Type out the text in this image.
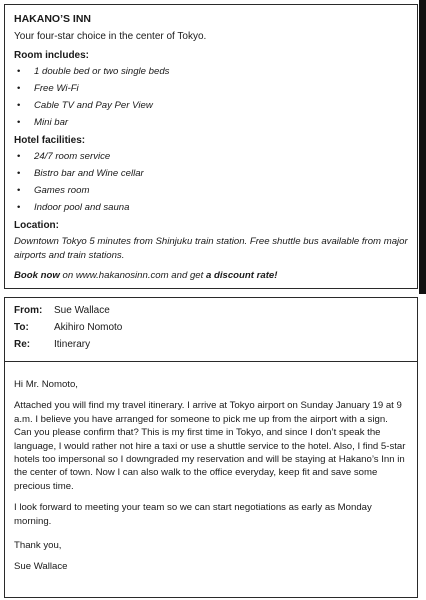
HAKANO’S INN
Your four-star choice in the center of Tokyo.
Room includes:
• 1 double bed or two single beds
• Free Wi-Fi
• Cable TV and Pay Per View
• Mini bar
Hotel facilities:
• 24/7 room service
• Bistro bar and Wine cellar
• Games room
• Indoor pool and sauna
Location:
Downtown Tokyo 5 minutes from Shinjuku train station. Free shuttle bus available from major airports and train stations.
Book now on www.hakanosinn.com and get a discount rate!
From:	Sue Wallace
To:	Akihiro Nomoto
Re:	Itinerary

Hi Mr. Nomoto,

Attached you will find my travel itinerary. I arrive at Tokyo airport on Sunday January 19 at 9 a.m. I believe you have arranged for someone to pick me up from the airport with a sign. Can you please confirm that? This is my first time in Tokyo, and since I don’t speak the language, I would rather not hire a taxi or use a shuttle service to the hotel. Also, I find 5-star hotels too impersonal so I downgraded my reservation and will be staying at Hakano’s Inn in the center of town. Now I can also walk to the office everyday, keep fit and save some precious time.

I look forward to meeting your team so we can start negotiations as early as Monday morning.

Thank you,

Sue Wallace
